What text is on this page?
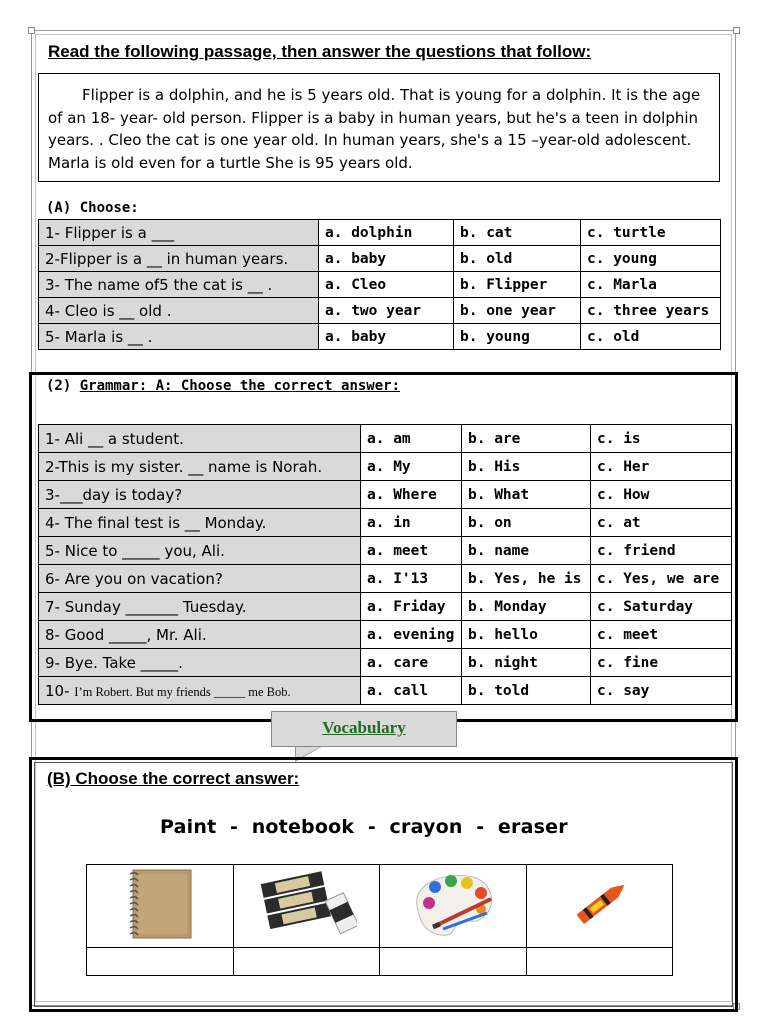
Read the following passage, then answer the questions that follow:

Flipper is a dolphin, and he is 5 years old. That is young for a dolphin. It is the age of an 18- year- old person. Flipper is a baby in human years, but he's a teen in dolphin years. . Cleo the cat is one year old. In human years, she's a 15 –year-old adolescent. Marla is old even for a turtle She is 95 years old.

(A) Choose:
1- Flipper is a ___	a. dolphin	b. cat	c. turtle
2-Flipper is a __ in human years.	a. baby	b. old	c. young
3- The name of5 the cat is __ .	a. Cleo	b. Flipper	c. Marla
4- Cleo is __ old .	a. two year	b. one year	c. three years
5- Marla is __ .	a. baby	b. young	c. old
(2) Grammar: A: Choose the correct answer:
1- Ali __ a student.	a. am	b. are	c. is
2-This is my sister. __ name is Norah.	a. My	b. His	c. Her
3-___day is today?	a. Where	b. What	c. How
4- The final test is __ Monday.	a. in	b. on	c. at
5- Nice to _____ you, Ali.	a. meet	b. name	c. friend
6- Are you on vacation?	a. I'13	b. Yes, he is	c. Yes, we are
7- Sunday _______ Tuesday.	a. Friday	b. Monday	c. Saturday
8- Good _____, Mr. Ali.	a. evening	b. hello	c. meet
9- Bye. Take _____.	a. care	b. night	c. fine
10- I’m Robert. But my friends _____ me Bob.	a. call	b. told	c. say
Vocabulary
(B) Choose the correct answer:
Paint  -  notebook  -  crayon  -  eraser
